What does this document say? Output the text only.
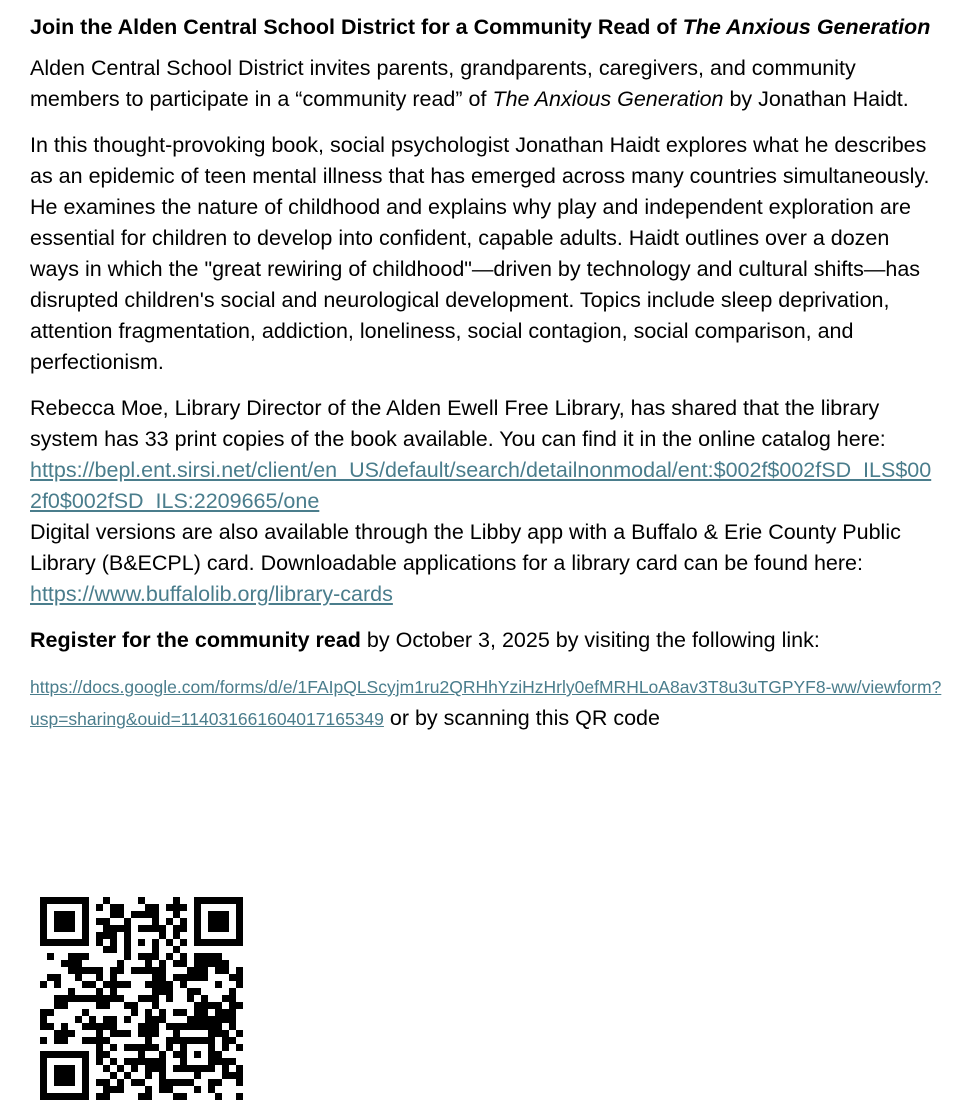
Join the Alden Central School District for a Community Read of The Anxious Generation

Alden Central School District invites parents, grandparents, caregivers, and community members to participate in a “community read” of The Anxious Generation by Jonathan Haidt.

In this thought-provoking book, social psychologist Jonathan Haidt explores what he describes as an epidemic of teen mental illness that has emerged across many countries simultaneously. He examines the nature of childhood and explains why play and independent exploration are essential for children to develop into confident, capable adults. Haidt outlines over a dozen ways in which the "great rewiring of childhood"—driven by technology and cultural shifts—has disrupted children's social and neurological development. Topics include sleep deprivation, attention fragmentation, addiction, loneliness, social contagion, social comparison, and perfectionism.

Rebecca Moe, Library Director of the Alden Ewell Free Library, has shared that the library system has 33 print copies of the book available. You can find it in the online catalog here:
https://bepl.ent.sirsi.net/client/en_US/default/search/detailnonmodal/ent:$002f$002fSD_ILS$002f0$002fSD_ILS:2209665/one

Digital versions are also available through the Libby app with a Buffalo & Erie County Public Library (B&ECPL) card. Downloadable applications for a library card can be found here:
https://www.buffalolib.org/library-cards

Register for the community read by October 3, 2025 by visiting the following link:

https://docs.google.com/forms/d/e/1FAIpQLScyjm1ru2QRHhYziHzHrly0efMRHLoA8av3T8u3uTGPYF8-ww/viewform?usp=sharing&ouid=114031661604017165349 or by scanning this QR code
